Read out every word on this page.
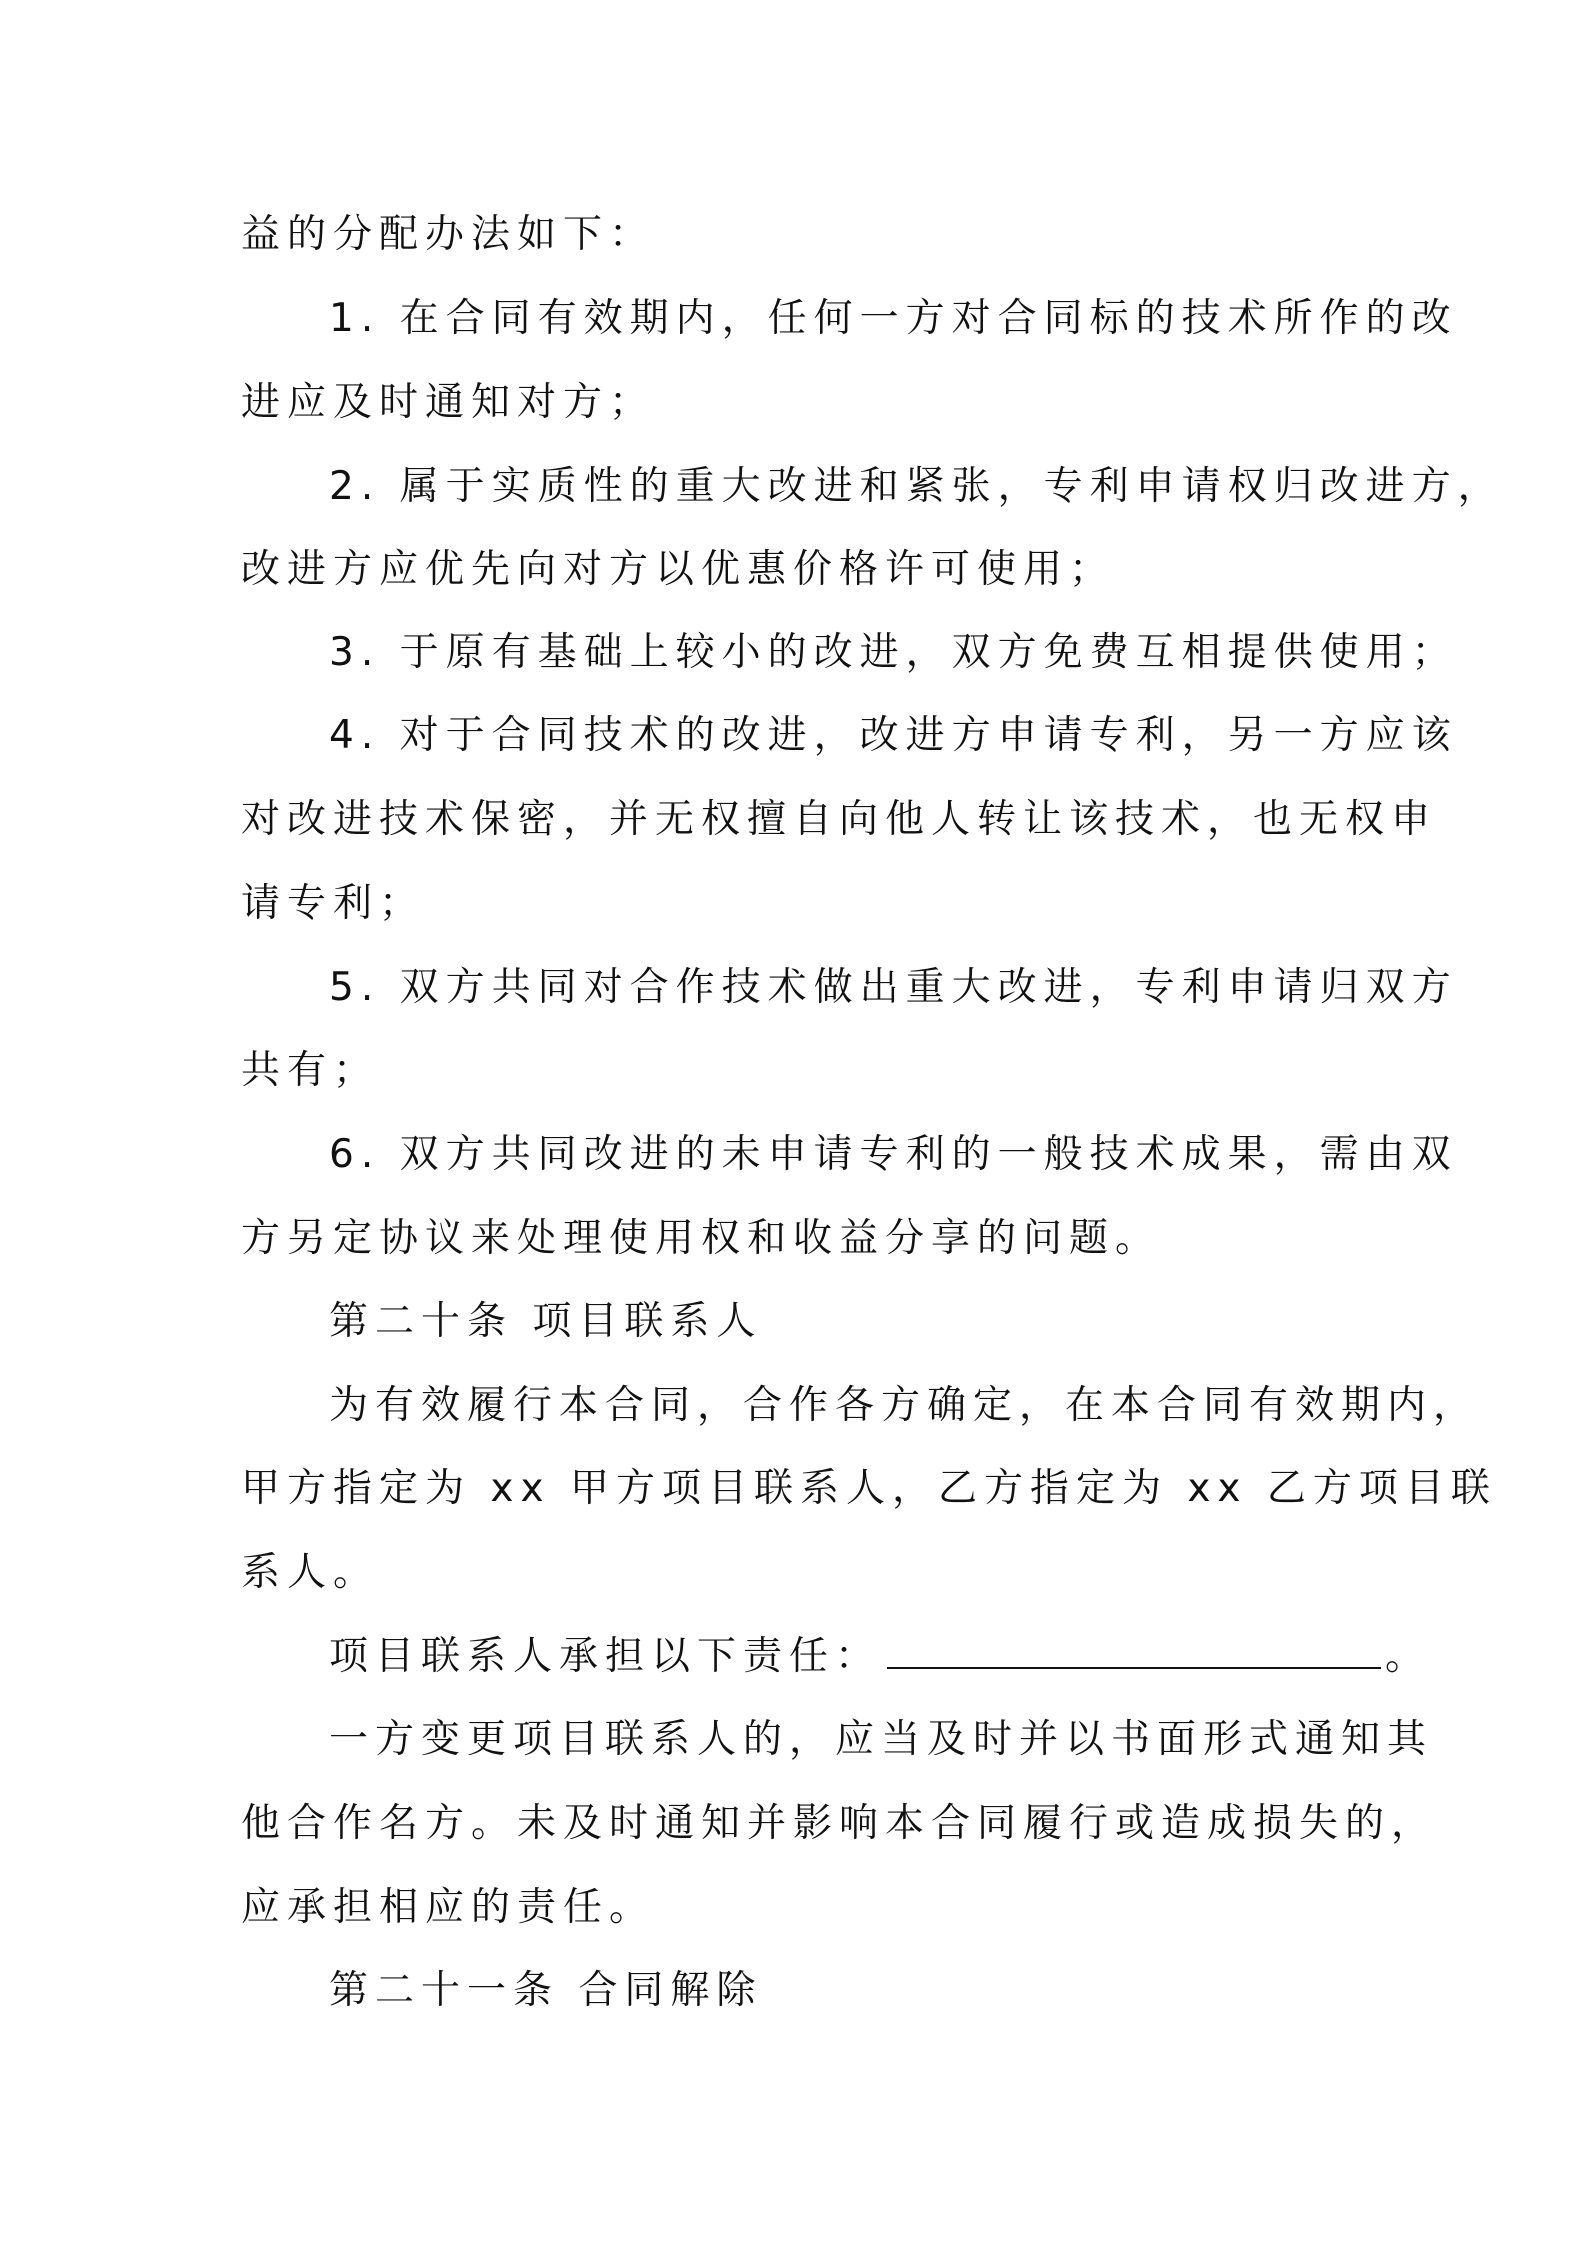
益的分配办法如下：
1. 在合同有效期内，任何一方对合同标的技术所作的改
进应及时通知对方；
2. 属于实质性的重大改进和紧张，专利申请权归改进方，
改进方应优先向对方以优惠价格许可使用；
3. 于原有基础上较小的改进，双方免费互相提供使用；
4. 对于合同技术的改进，改进方申请专利，另一方应该
对改进技术保密，并无权擅自向他人转让该技术，也无权申
请专利；
5. 双方共同对合作技术做出重大改进，专利申请归双方
共有；
6. 双方共同改进的未申请专利的一般技术成果，需由双
方另定协议来处理使用权和收益分享的问题。
第二十条 项目联系人
为有效履行本合同，合作各方确定，在本合同有效期内，
甲方指定为 xx 甲方项目联系人，乙方指定为 xx 乙方项目联
系人。
项目联系人承担以下责任：	。
一方变更项目联系人的，应当及时并以书面形式通知其
他合作名方。未及时通知并影响本合同履行或造成损失的，
应承担相应的责任。
第二十一条 合同解除
